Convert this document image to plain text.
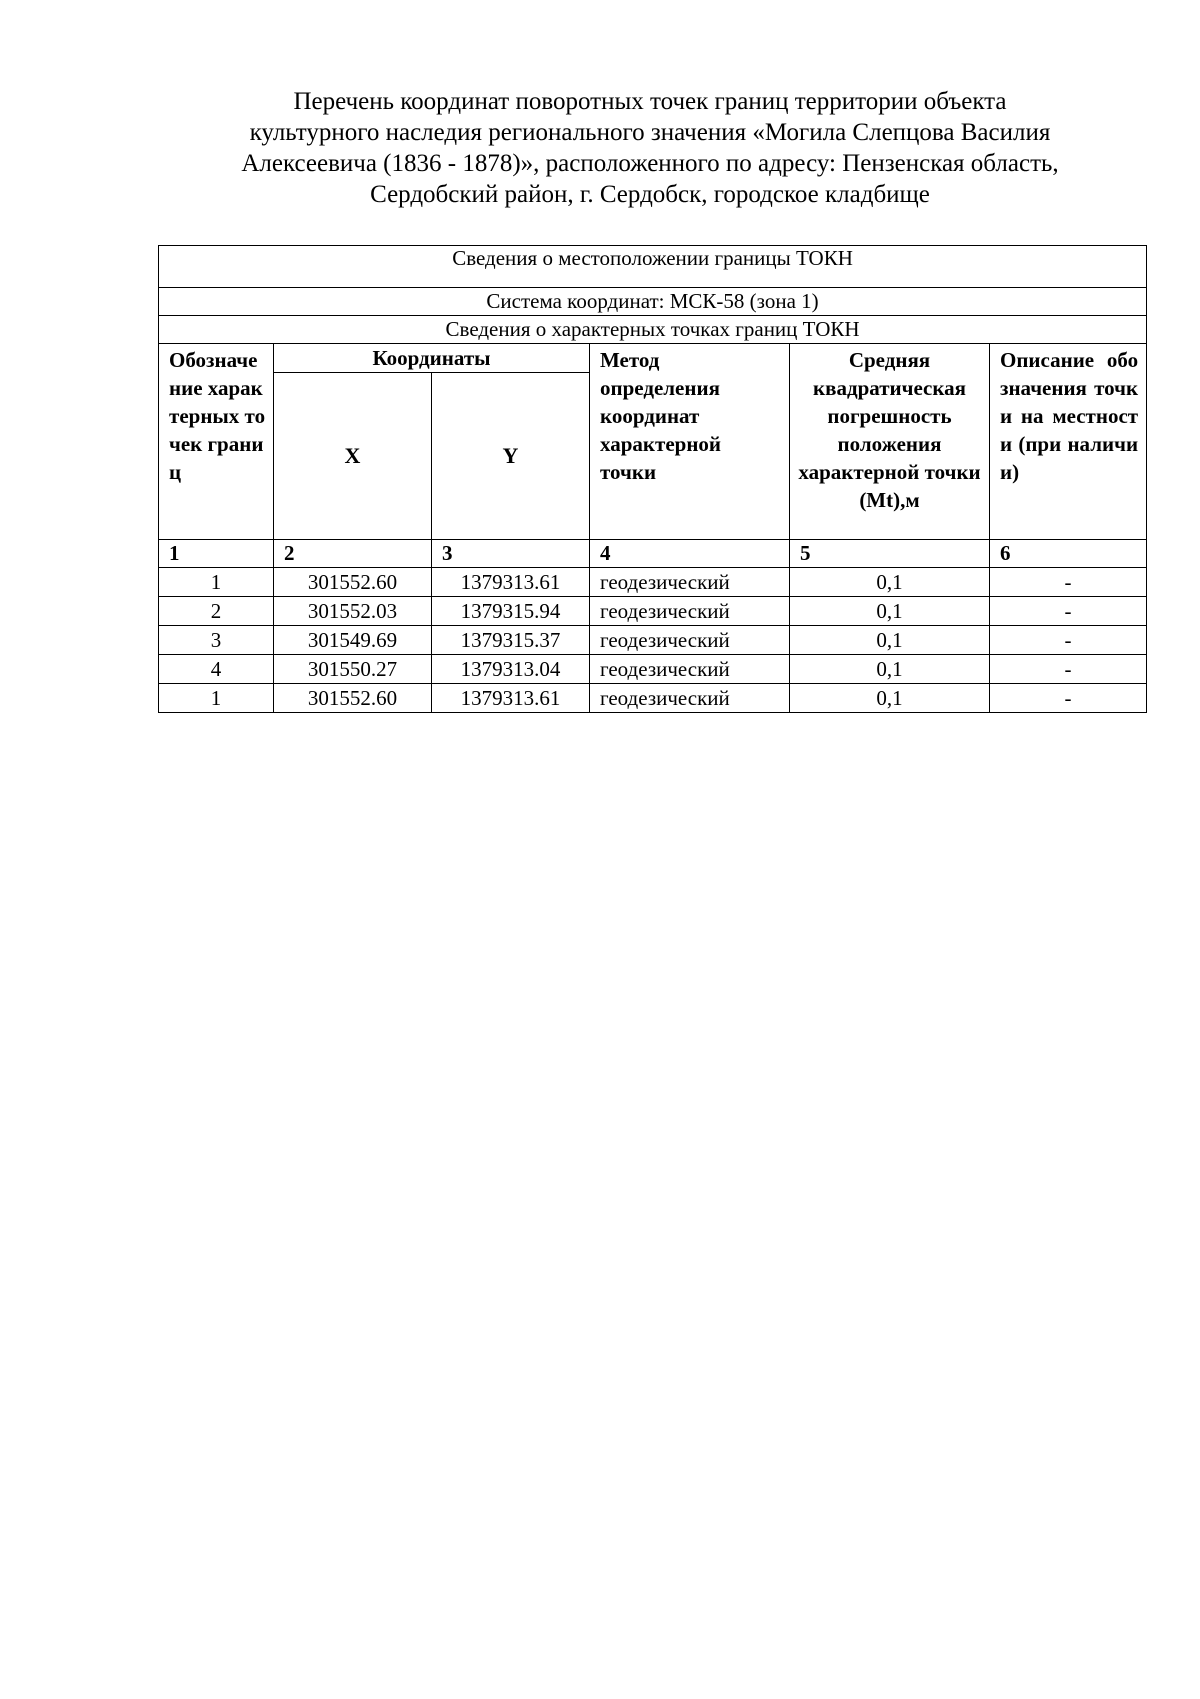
Перечень координат поворотных точек границ территории объекта
культурного наследия регионального значения «Могила Слепцова Василия
Алексеевича (1836 - 1878)», расположенного по адресу: Пензенская область,
Сердобский район, г. Сердобск, городское кладбище
Сведения о местоположении границы ТОКН					
Система координат: МСК-58 (зона 1)					
Сведения о характерных точках границ ТОКН					
Обозначение характерных точек границ	Координаты		Метод определения координат характерной точки	Средняя квадратическая погрешность положения характерной точки (Mt),м	Описание обозначения точки на местности (при наличии)
	X	Y			
1	2	3	4	5	6
1	301552.60	1379313.61	геодезический	0,1	-
2	301552.03	1379315.94	геодезический	0,1	-
3	301549.69	1379315.37	геодезический	0,1	-
4	301550.27	1379313.04	геодезический	0,1	-
1	301552.60	1379313.61	геодезический	0,1	-
